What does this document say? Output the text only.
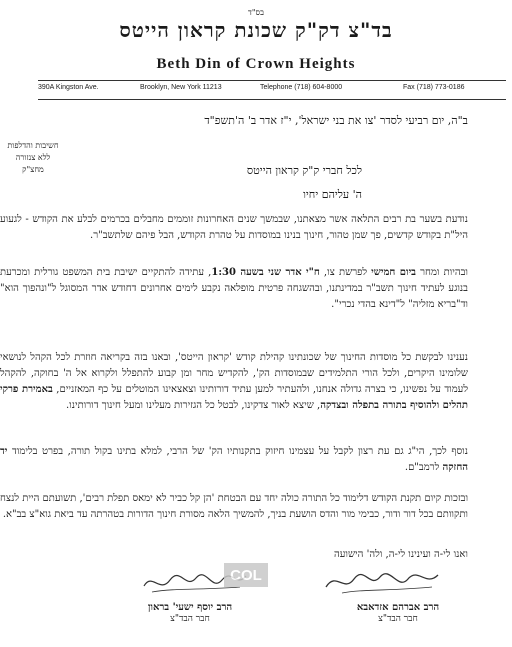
בס"ד
בד"צ דק"ק שכונת קראון הייטס
Beth Din of Crown Heights
390A Kingston Ave.	Brooklyn, New York 11213	Telephone (718) 604-8000	Fax (718) 773-0186
ב"ה, יום רביעי לסדר 'צו את בני ישראל', י"ז אדר ב' ה'תשפ"ד
חשיבות והדלפות
ללא צנזורה
מחצ"ק	לכל חברי ק"ק קראון הייטס
ה' עליהם יחיו
נודעת בשער בת רבים התלאה אשר מצאתנו, שבמשך שנים האחרונות זוממים מחבלים בכרמים לבלע את הקודש - לגעוע היל"ת בקודש קדשים, פך שמן טהור, חינוך בנינו במוסדות על טהרת הקודש, הבל פיהם שלתשב"ר.
ובהיות ומחר ביום חמישי לפרשת צו, ח"י אדר שני בשעה 1:30, עתידה להתקיים ישיבת בית המשפט גורלית ומכרעת בנוגע לעתיד חינוך תשב"ר במדינתנו, ובהשגחה פרטית מופלאה נקבע לימים אחרונים דחודש אדר המסוגל ל"ונהפוך הוא" וד"בריא מזליה" ל"דינא בהדי נכרי".
נענינו לבקשת כל מוסדות החינוך של שכונתינו קהילת קודש 'קראון הייטס', ובאנו בזה בקריאה חוזרת לכל הקהל לנושאי שלומינו היקרים, ולכל הורי התלמידים שבמוסדות הק', להקדיש מחר ומן קבוע להתפלל ולקרוא אל ה' בחוקה, להקהל לעמוד על נפשינו, כי בצרה גדולה אנחנו, ולהעתיר למען עתיד דורותינו וצאצאינו המוטלים על כף המאזניים, באמירת פרקי תהלים ולהוסיף בתורה בתפלה ובצדקה, שיצא לאור צדקינו, לבטל כל הגזירות מעלינו ומעל חינוך דורותינו.
נוסף לכך, הי"ג גם עת רצון לקבל על עצמינו חיזוק בתקנותיו הק' של הרבי, למלא בתינו בקול תורה, בפרט בלימוד יד החזקה לרמב"ם.
ובזכות קיום תקנת הקודש דלימוד כל התורה כולה יחד עם הבטחת 'הן קל כביר לא ימאס תפלת רבים', תשועתם היית לנצח ותקוותם בכל דור ודור, כבימי מור והדס הושעת בניך, להמשיך הלאה מסורת חינוך הדורות בטהרתה עד ביאת גוא"צ בב"א.
ואנו לי-ה ועינינו לי-ה, ולה' הישועה
COL
הרב אברהם אזדאבא
חבר הבד"צ
הרב יוסף ישעי' בראון
חבר הבד"צ
